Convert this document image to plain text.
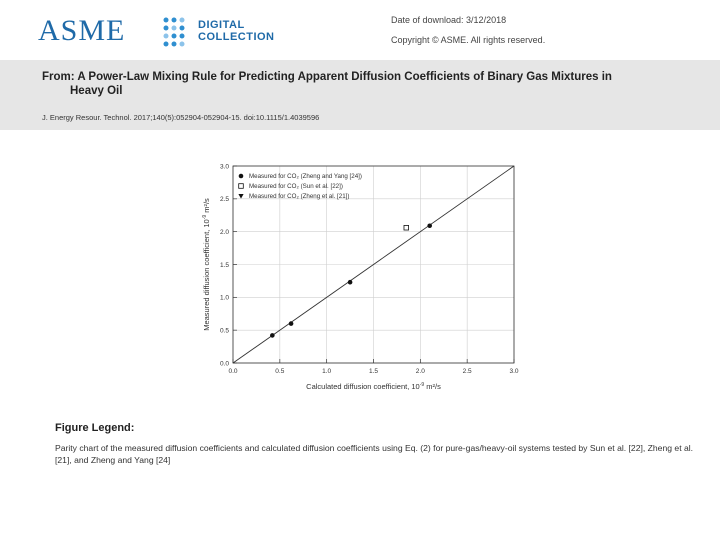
ASME	DIGITAL
COLLECTION
Date of download: 3/12/2018
Copyright © ASME. All rights reserved.
From: A Power-Law Mixing Rule for Predicting Apparent Diffusion Coefficients of Binary Gas Mixtures in
Heavy Oil
J. Energy Resour. Technol. 2017;140(5):052904-052904-15. doi:10.1115/1.4039596
0.0	0.5	1.0	1.5	2.0	2.5	3.0
0.0
0.5
1.0
1.5
2.0
2.5
3.0
Calculated diffusion coefficient, $10^{-9}$ m²/s
Measured diffusion coefficient, $10^{-9}$ m²/s
Measured for CO₂ (Zheng and Yang [24])
Measured for CO₂ (Sun et al. [22])
Measured for CO₂ (Zheng et al. [21])
Figure Legend:
Parity chart of the measured diffusion coefficients and calculated diffusion coefficients using Eq. (2) for pure-gas/heavy-oil systems tested by Sun et al. [22], Zheng et al. [21], and Zheng and Yang [24]
